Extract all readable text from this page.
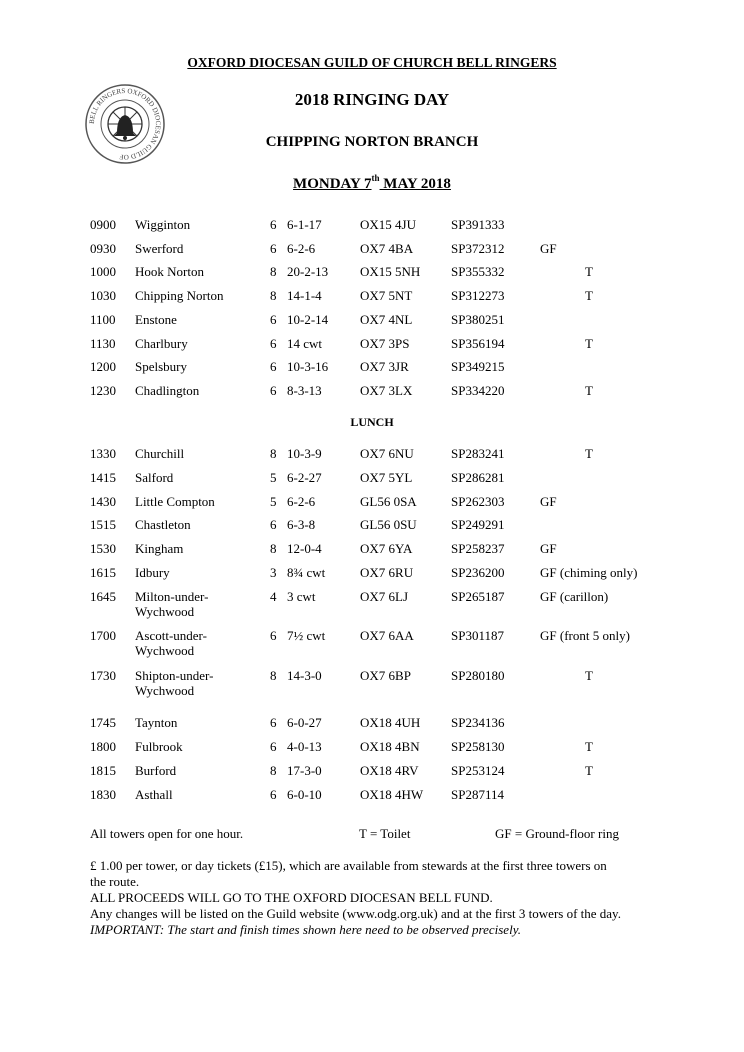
OXFORD DIOCESAN GUILD OF CHURCH BELL RINGERS
BELL RINGERS OXFORD DIOCESAN GUILD OF
2018 RINGING DAY
CHIPPING NORTON BRANCH
MONDAY 7th MAY 2018
0900 Wigginton	6 6-1-17	OX15 4JU	SP391333
0930 Swerford	6 6-2-6	OX7 4BA	SP372312	GF
1000 Hook Norton	8 20-2-13 OX15 5NH SP355332	T
1030 Chipping Norton	8 14-1-4	OX7 5NT	SP312273	T
1100 Enstone	6 10-2-14 OX7 4NL	SP380251
1130 Charlbury	6 14 cwt	OX7 3PS	SP356194	T
1200 Spelsbury	6 10-3-16 OX7 3JR	SP349215
1230 Chadlington	6 8-3-13	OX7 3LX	SP334220	T
LUNCH
1330 Churchill	8 10-3-9	OX7 6NU	SP283241	T
1415 Salford	5 6-2-27	OX7 5YL	SP286281
1430 Little Compton	5 6-2-6	GL56 0SA	SP262303	GF
1515 Chastleton	6 6-3-8	GL56 0SU	SP249291
1530 Kingham	8 12-0-4	OX7 6YA	SP258237	GF
1615 Idbury	3 8¾ cwt	OX7 6RU	SP236200	GF (chiming only)
1645 Milton-under-	4 3 cwt	OX7 6LJ	SP265187	GF (carillon)
Wychwood
1700 Ascott-under-	6 7½ cwt	OX7 6AA	SP301187	GF (front 5 only)
Wychwood
1730 Shipton-under-	8 14-3-0	OX7 6BP	SP280180	T
Wychwood
1745 Taynton	6 6-0-27	OX18 4UH SP234136
1800 Fulbrook	6 4-0-13	OX18 4BN SP258130	T
1815 Burford	8 17-3-0	OX18 4RV SP253124	T
1830 Asthall	6 6-0-10	OX18 4HW SP287114
All towers open for one hour.	T = Toilet	GF = Ground-floor ring
£ 1.00 per tower, or day tickets (£15), which are available from stewards at the first three towers on
the route.
ALL PROCEEDS WILL GO TO THE OXFORD DIOCESAN BELL FUND.
Any changes will be listed on the Guild website (www.odg.org.uk) and at the first 3 towers of the day.
IMPORTANT: The start and finish times shown here need to be observed precisely.
